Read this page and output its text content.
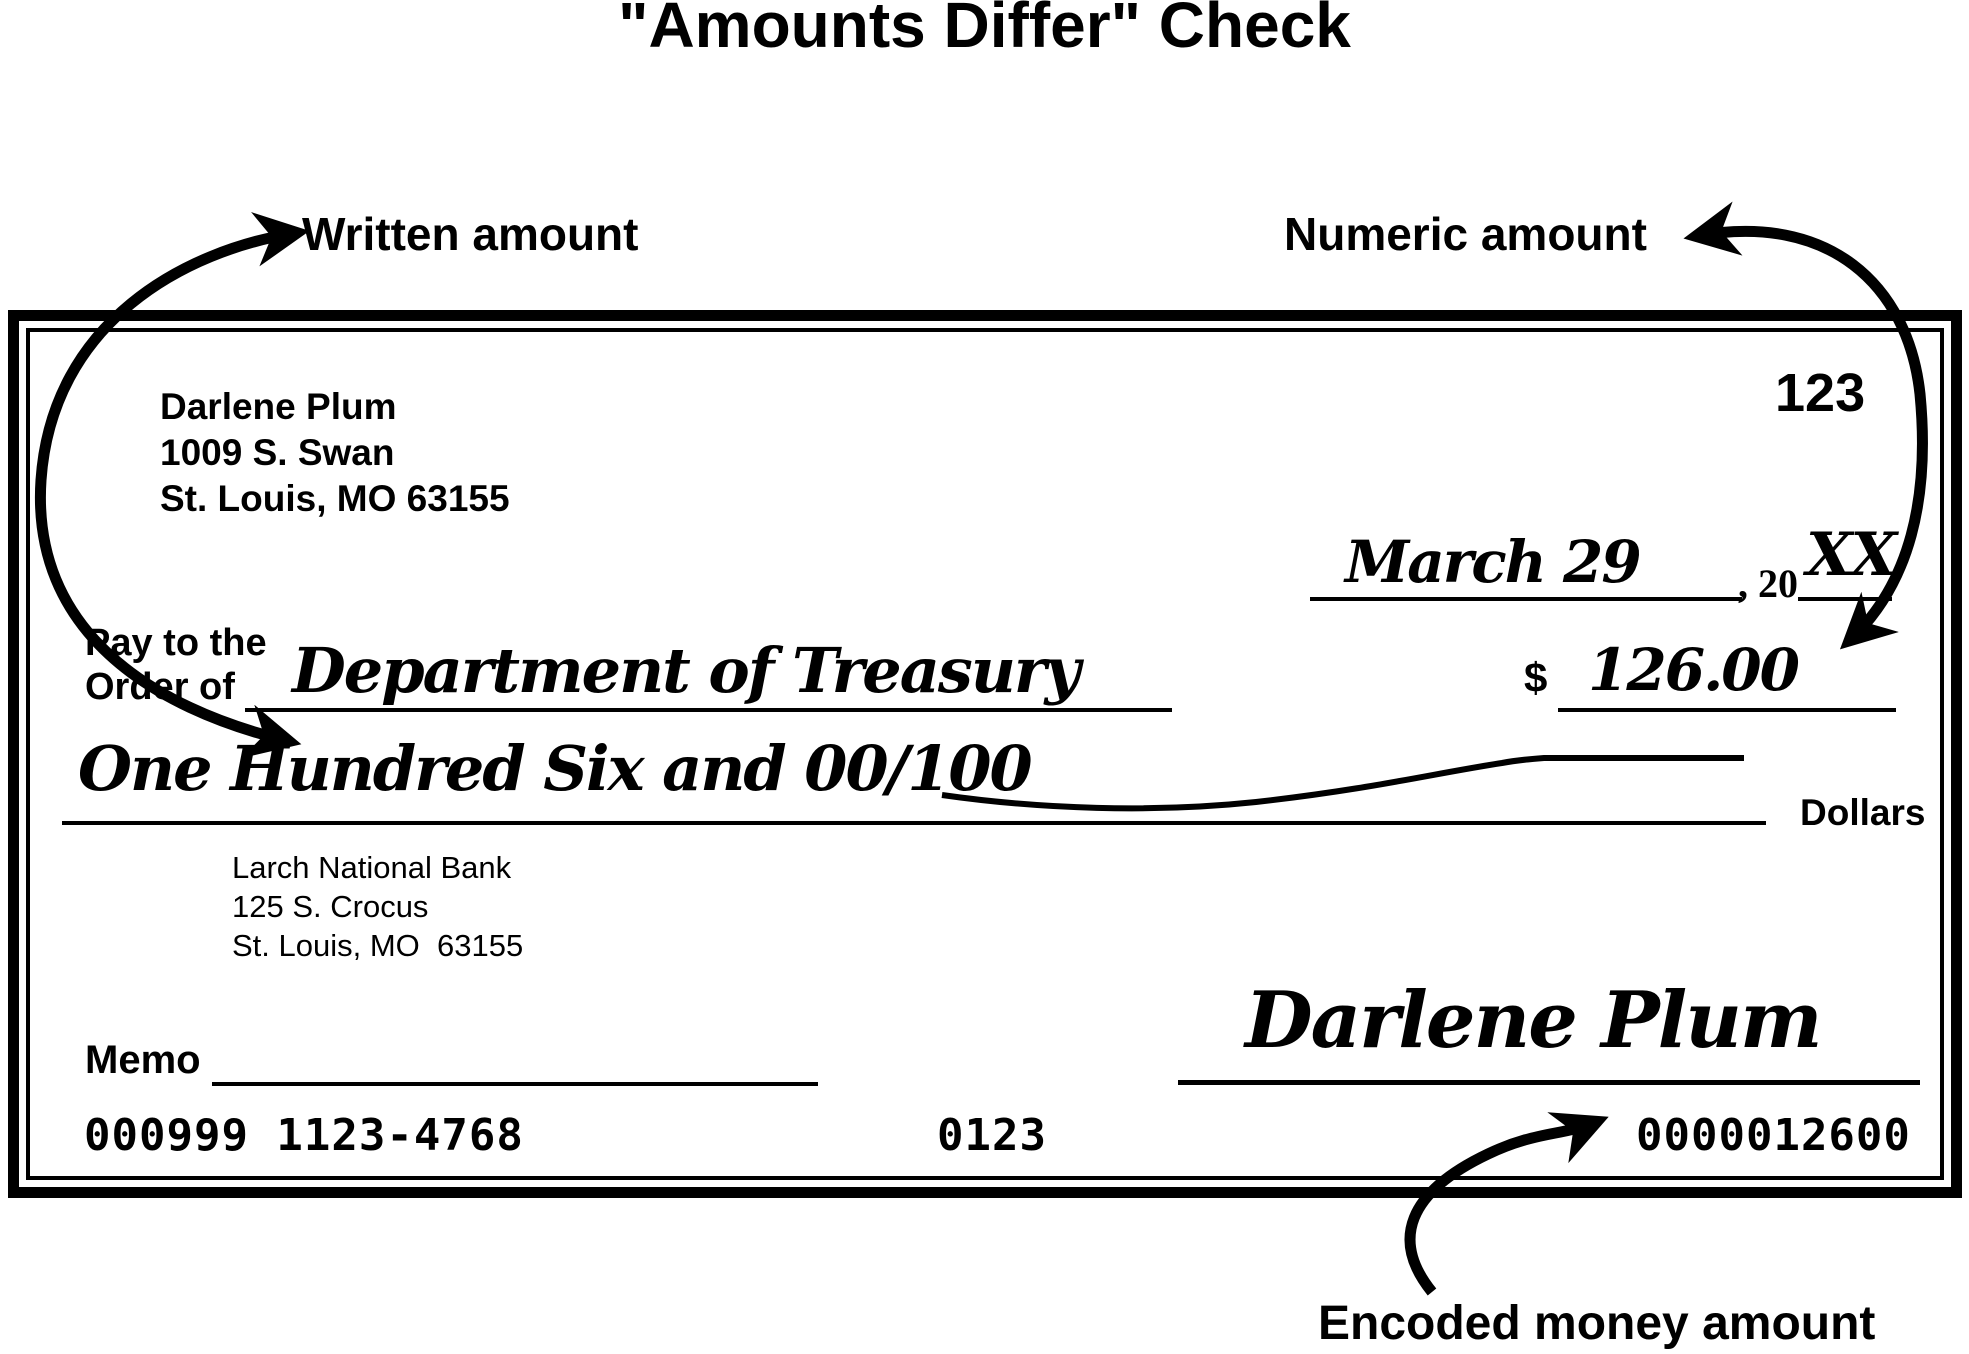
"Amounts Differ" Check
Written amount	Numeric amount
Encoded money amount
Darlene Plum
1009 S. Swan
St. Louis, MO 63155
123
March 29 , 20 XX
Pay to the
Order of Department of Treasury	$ 126.00
One Hundred Six and 00/100
Dollars
Larch National Bank
125 S. Crocus
St. Louis, MO  63155
Memo	Darlene Plum
000999 1123-4768	0123	0000012600
